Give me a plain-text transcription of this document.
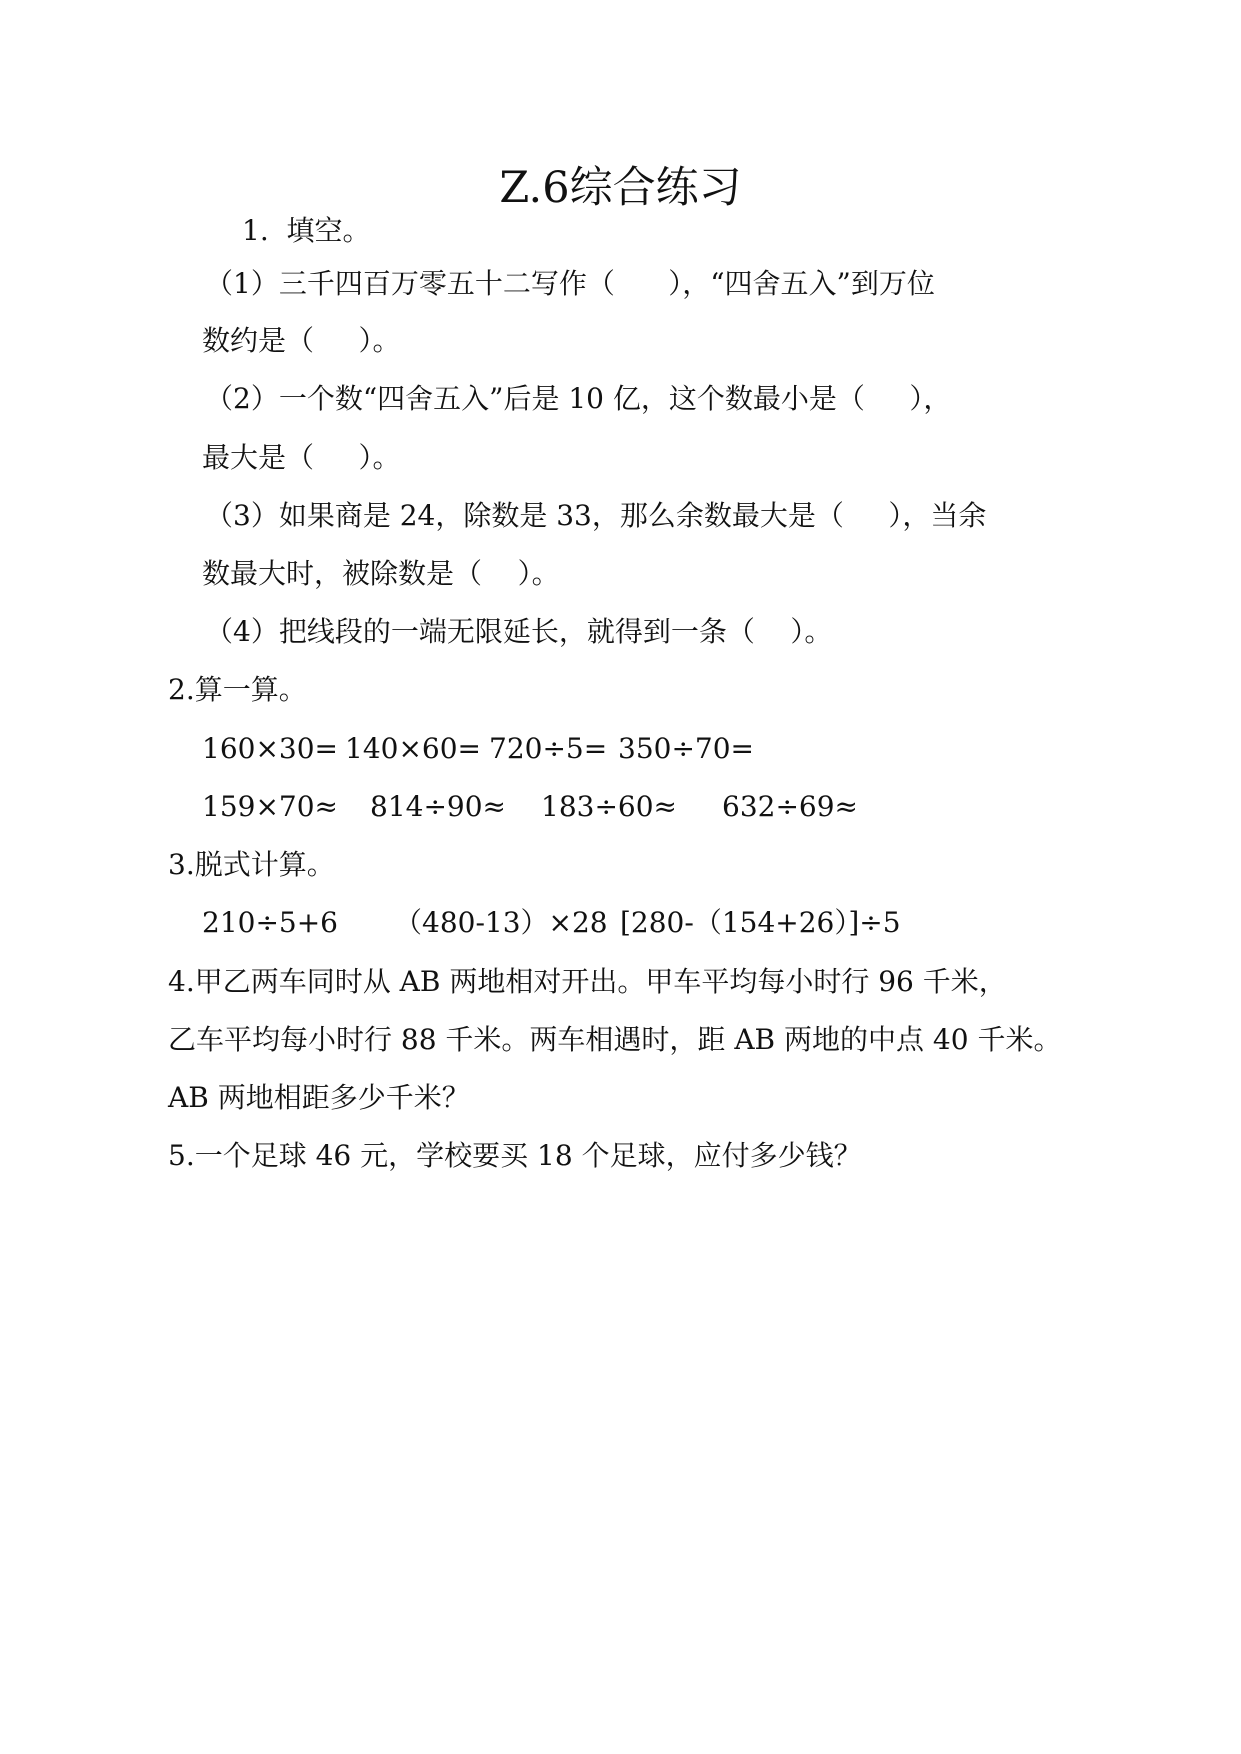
Z.6综合练习
1.  填空。
（1）三千四百万零五十二写作（      ），“四舍五入”到万位
数约是（     ）。
（2）一个数“四舍五入”后是 10 亿，这个数最小是（     ），
最大是（     ）。
（3）如果商是 24，除数是 33，那么余数最大是（     ），当余
数最大时，被除数是（    ）。
（4）把线段的一端无限延长，就得到一条（    ）。
2.算一算。
160×30= 140×60= 720÷5= 350÷70=
159×70≈ 814÷90≈ 183÷60≈ 632÷69≈
3.脱式计算。
210÷5+6 （480-13）×28 [280-（154+26）]÷5
4.甲乙两车同时从 AB 两地相对开出。甲车平均每小时行 96 千米，
乙车平均每小时行 88 千米。两车相遇时，距 AB 两地的中点 40 千米。
AB 两地相距多少千米？
5.一个足球 46 元，学校要买 18 个足球，应付多少钱？
